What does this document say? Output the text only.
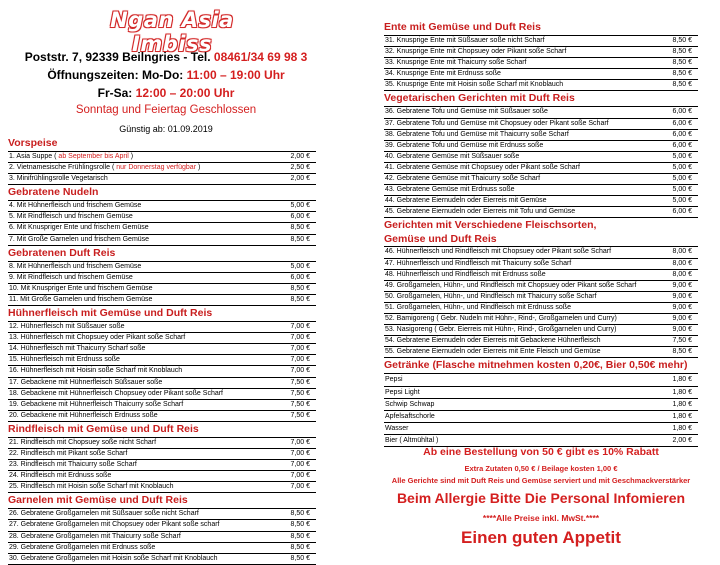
Ngan Asia Imbiss
Poststr. 7, 92339 Beilngries - Tel. 08461/34 69 98 3
Öffnungszeiten: Mo-Do: 11:00 – 19:00 Uhr
Fr-Sa: 12:00 – 20:00 Uhr
Sonntag und Feiertag Geschlossen
Günstig ab: 01.09.2019
Vorspeise
1. Asia Suppe ( ab September bis April )	2,00 €
2. Vietnamesische Frühlingsrolle ( nur Donnerstag verfügbar )	2,50 €
3. Minifrühlingsrolle Vegetarisch	2,00 €
Gebratene Nudeln
4. Mit Hühnerfleisch und frischem Gemüse	5,00 €
5. Mit Rindfleisch und frischem Gemüse	6,00 €
6. Mit Knuspriger Ente und frischem Gemüse	8,50 €
7. Mit Große Garnelen und frischem Gemüse	8,50 €
Gebratenen Duft Reis
8. Mit Hühnerfleisch und frischem Gemüse	5,00 €
9. Mit Rindfleisch und frischem Gemüse	6,00 €
10. Mit Knuspriger Ente und frischem Gemüse	8,50 €
11. Mit Große Garnelen und frischem Gemüse	8,50 €
Hühnerfleisch mit Gemüse und Duft Reis
12. Hühnerfleisch mit Süßsauer soße	7,00 €
13. Hühnerfleisch mit Chopsuey oder Pikant soße Scharf	7,00 €
14. Hühnerfleisch mit Thaicurry Scharf soße	7,00 €
15. Hühnerfleisch mit Erdnuss soße	7,00 €
16. Hühnerfleisch mit Hoisin soße Scharf mit Knoblauch	7,00 €
17. Gebackene mit Hühnerfleisch Süßsauer soße	7,50 €
18. Gebackene mit Hühnerfleisch Chopsuey oder Pikant soße Scharf	7,50 €
19. Gebackene mit Hühnerfleisch Thaicurry soße Scharf	7,50 €
20. Gebackene mit Hühnerfleisch Erdnuss soße	7,50 €
Rindfleisch mit Gemüse und Duft Reis
21. Rindfleisch mit Chopsuey soße nicht Scharf	7,00 €
22. Rindfleisch mit Pikant soße Scharf	7,00 €
23. Rindfleisch mit Thaicurry soße Scharf	7,00 €
24. Rindfleisch mit Erdnuss soße	7,00 €
25. Rindfleisch mit Hoisin soße Scharf mit Knoblauch	7,00 €
Garnelen mit Gemüse und Duft Reis
26. Gebratene Großgarnelen mit Süßsauer soße nicht Scharf	8,50 €
27. Gebratene Großgarnelen mit Chopsuey oder Pikant soße scharf	8,50 €
28. Gebratene Großgarnelen mit Thaicurry soße Scharf	8,50 €
29. Gebratene Großgarnelen mit Erdnuss soße	8,50 €
30. Gebratene Großgarnelen mit Hoisin soße Scharf mit Knoblauch	8,50 €
Ente mit Gemüse und Duft Reis
31. Knusprige Ente mit Süßsauer soße nicht Scharf	8,50 €
32. Knusprige Ente mit Chopsuey oder Pikant soße Scharf	8,50 €
33. Knusprige Ente mit Thaicurry soße Scharf	8,50 €
34. Knusprige Ente mit Erdnuss soße	8,50 €
35. Knusprige Ente mit Hoisin soße Scharf mit Knoblauch	8,50 €
Vegetarischen Gerichten mit Duft Reis
36. Gebratene Tofu und Gemüse mit Süßsauer soße	6,00 €
37. Gebratene Tofu und Gemüse mit Chopsuey oder Pikant soße Scharf	6,00 €
38. Gebratene Tofu und Gemüse mit Thaicurry soße Scharf	6,00 €
39. Gebratene Tofu und Gemüse mit Erdnuss soße	6,00 €
40. Gebratene Gemüse mit Süßsauer soße	5,00 €
41. Gebratene Gemüse mit Chopsuey oder Pikant soße Scharf	5,00 €
42. Gebratene Gemüse mit Thaicurry soße Scharf	5,00 €
43. Gebratene Gemüse mit Erdnuss soße	5,00 €
44. Gebratene Eiernudeln oder Eierreis mit Gemüse	5,00 €
45. Gebratene Eiernudeln oder Eierreis mit Tofu und Gemüse	6,00 €
Gerichten mit Verschiedene Fleischsorten,
Gemüse und Duft Reis
46. Hühnerfleisch und Rindfleisch mit Chopsuey oder Pikant soße Scharf	8,00 €
47. Hühnerfleisch und Rindfleisch mit Thaicurry soße Scharf	8,00 €
48. Hühnerfleisch und Rindfleisch mit Erdnuss soße	8,00 €
49. Großgarnelen, Hühn-, und Rindfleisch mit Chopsuey oder Pikant soße Scharf	9,00 €
50. Großgarnelen, Hühn-, und Rindfleisch mit Thaicurry soße Scharf	9,00 €
51. Großgarnelen, Hühn-, und Rindfleisch mit Erdnuss soße	9,00 €
52. Bamigoreng ( Gebr. Nudeln mit Hühn-, Rind-, Großgarnelen und Curry)	9,00 €
53. Nasigoreng ( Gebr. Eierreis mit Hühn-, Rind-, Großgarnelen und Curry)	9,00 €
54. Gebratene Eiernudeln oder Eierreis mit Gebackene Hühnerfleisch	7,50 €
55. Gebratene Eiernudeln oder Eierreis mit Ente Fleisch und Gemüse	8,50 €
Getränke (Flasche mitnehmen kosten 0,20€, Bier 0,50€ mehr)
Pepsi	1,80 €
Pepsi Light	1,80 €
Schwip Schwap	1,80 €
Apfelsaftschorle	1,80 €
Wasser	1,80 €
Bier ( Altmühltal )	2,00 €
Ab eine Bestellung von 50 € gibt es 10% Rabatt
Extra Zutaten 0,50 € / Beilage kosten 1,00 €
Alle Gerichte sind mit Duft Reis und Gemüse serviert und mit Geschmackverstärker
Beim Allergie Bitte Die Personal Infomieren
****Alle Preise inkl. MwSt.****
Einen guten Appetit
